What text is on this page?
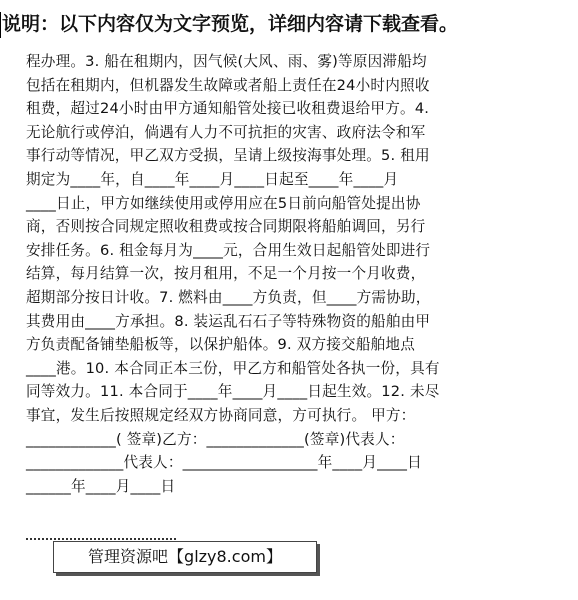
说明：以下内容仅为文字预览，详细内容请下载查看。
程办理。3. 船在租期内，因气候(大风、雨、雾)等原因滞船均
包括在租期内，但机器发生故障或者船上责任在24小时内照收
租费，超过24小时由甲方通知船管处接已收租费退给甲方。4.
无论航行或停泊，倘遇有人力不可抗拒的灾害、政府法令和军
事行动等情况，甲乙双方受损，呈请上级按海事处理。5. 租用
期定为____年，自____年____月____日起至____年____月
____日止，甲方如继续使用或停用应在5日前向船管处提出协
商，否则按合同规定照收租费或按合同期限将船舶调回，另行
安排任务。6. 租金每月为____元，合用生效日起船管处即进行
结算，每月结算一次，按月租用，不足一个月按一个月收费，
超期部分按日计收。7. 燃料由____方负责，但____方需协助，
其费用由____方承担。8. 装运乱石石子等特殊物资的船舶由甲
方负责配备铺垫船板等，以保护船体。9. 双方接交船舶地点
____港。10. 本合同正本三份，甲乙方和船管处各执一份，具有
同等效力。11. 本合同于____年____月____日起生效。12. 未尽
事宜，发生后按照规定经双方协商同意，方可执行。 甲方：
____________( 签章)乙方：_____________(签章)代表人：
_____________代表人：__________________年____月____日
______年____月____日
管理资源吧【glzy8.com】
